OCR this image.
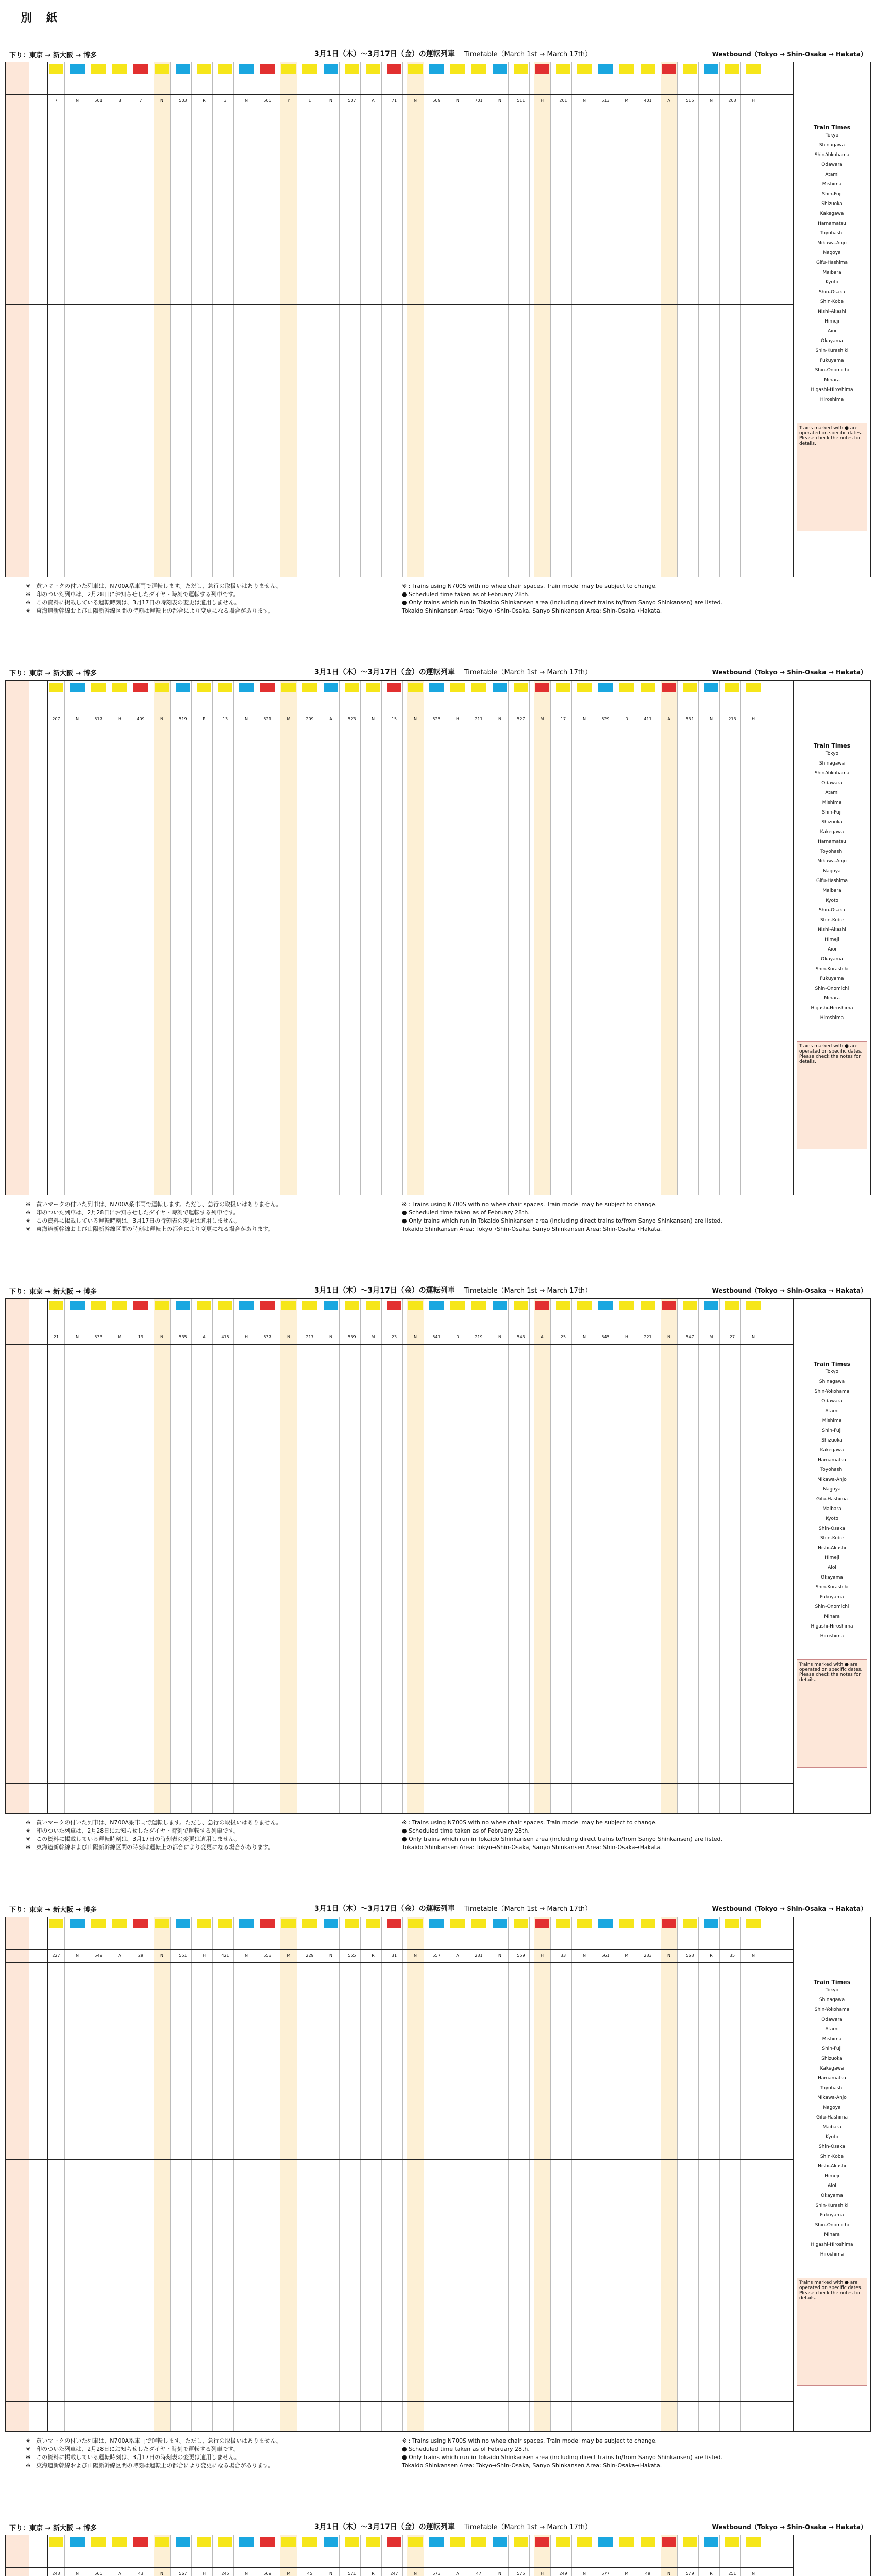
別 紙
下り：東京 → 新大阪 → 博多	3月1日（木）～3月17日（金）の運転列車 Timetable（March 1st → March 17th）	Westbound（Tokyo → Shin-Osaka → Hakata）
7	N	501	B	7	N	503	R	3	N	505	Y	1	N	507	A	71	N	509	N	701	N	511	H	201	N	513	M	401	A	515	N	203	H
Train Times
Tokyo
Shinagawa
Shin-Yokohama
Odawara
Atami
Mishima
Shin-Fuji
Shizuoka
Kakegawa
Hamamatsu
Toyohashi
Mikawa-Anjo
Nagoya
Gifu-Hashima
Maibara
Kyoto
Shin-Osaka
Shin-Kobe
Nishi-Akashi
Himeji
Aioi
Okayama
Shin-Kurashiki
Fukuyama
Shin-Onomichi
Mihara
Higashi-Hiroshima
Hiroshima
Trains marked with ● are operated on specific dates. Please check the notes for details.
※　黄いマークの付いた列車は、N700A系車両で運転します。ただし、急行の取扱いはありません。
※　印のついた列車は、2月28日にお知らせしたダイヤ・時刻で運転する列車です。
※　この資料に掲載している運転時刻は、3月17日の時刻表の変更は適用しません。
※　東海道新幹線および山陽新幹線区間の時刻は運転上の都合により変更になる場合があります。
※ : Trains using N700S with no wheelchair spaces. Train model may be subject to change.
● Scheduled time taken as of February 28th.
● Only trains which run in Tokaido Shinkansen area (including direct trains to/from Sanyo Shinkansen) are listed.
Tokaido Shinkansen Area: Tokyo→Shin-Osaka, Sanyo Shinkansen Area: Shin-Osaka→Hakata.
下り：東京 → 新大阪 → 博多	3月1日（木）～3月17日（金）の運転列車 Timetable（March 1st → March 17th）	Westbound（Tokyo → Shin-Osaka → Hakata）
207	N	517	H	409	N	519	R	13	N	521	M	209	A	523	N	15	N	525	H	211	N	527	M	17	N	529	R	411	A	531	N	213	H
Train Times
Tokyo
Shinagawa
Shin-Yokohama
Odawara
Atami
Mishima
Shin-Fuji
Shizuoka
Kakegawa
Hamamatsu
Toyohashi
Mikawa-Anjo
Nagoya
Gifu-Hashima
Maibara
Kyoto
Shin-Osaka
Shin-Kobe
Nishi-Akashi
Himeji
Aioi
Okayama
Shin-Kurashiki
Fukuyama
Shin-Onomichi
Mihara
Higashi-Hiroshima
Hiroshima
Trains marked with ● are operated on specific dates. Please check the notes for details.
※　黄いマークの付いた列車は、N700A系車両で運転します。ただし、急行の取扱いはありません。
※　印のついた列車は、2月28日にお知らせしたダイヤ・時刻で運転する列車です。
※　この資料に掲載している運転時刻は、3月17日の時刻表の変更は適用しません。
※　東海道新幹線および山陽新幹線区間の時刻は運転上の都合により変更になる場合があります。
※ : Trains using N700S with no wheelchair spaces. Train model may be subject to change.
● Scheduled time taken as of February 28th.
● Only trains which run in Tokaido Shinkansen area (including direct trains to/from Sanyo Shinkansen) are listed.
Tokaido Shinkansen Area: Tokyo→Shin-Osaka, Sanyo Shinkansen Area: Shin-Osaka→Hakata.
下り：東京 → 新大阪 → 博多	3月1日（木）～3月17日（金）の運転列車 Timetable（March 1st → March 17th）	Westbound（Tokyo → Shin-Osaka → Hakata）
21	N	533	M	19	N	535	A	415	H	537	N	217	N	539	M	23	N	541	R	219	N	543	A	25	N	545	H	221	N	547	M	27	N
Train Times
Tokyo
Shinagawa
Shin-Yokohama
Odawara
Atami
Mishima
Shin-Fuji
Shizuoka
Kakegawa
Hamamatsu
Toyohashi
Mikawa-Anjo
Nagoya
Gifu-Hashima
Maibara
Kyoto
Shin-Osaka
Shin-Kobe
Nishi-Akashi
Himeji
Aioi
Okayama
Shin-Kurashiki
Fukuyama
Shin-Onomichi
Mihara
Higashi-Hiroshima
Hiroshima
Trains marked with ● are operated on specific dates. Please check the notes for details.
※　黄いマークの付いた列車は、N700A系車両で運転します。ただし、急行の取扱いはありません。
※　印のついた列車は、2月28日にお知らせしたダイヤ・時刻で運転する列車です。
※　この資料に掲載している運転時刻は、3月17日の時刻表の変更は適用しません。
※　東海道新幹線および山陽新幹線区間の時刻は運転上の都合により変更になる場合があります。
※ : Trains using N700S with no wheelchair spaces. Train model may be subject to change.
● Scheduled time taken as of February 28th.
● Only trains which run in Tokaido Shinkansen area (including direct trains to/from Sanyo Shinkansen) are listed.
Tokaido Shinkansen Area: Tokyo→Shin-Osaka, Sanyo Shinkansen Area: Shin-Osaka→Hakata.
下り：東京 → 新大阪 → 博多	3月1日（木）～3月17日（金）の運転列車 Timetable（March 1st → March 17th）	Westbound（Tokyo → Shin-Osaka → Hakata）
227	N	549	A	29	N	551	H	421	N	553	M	229	N	555	R	31	N	557	A	231	N	559	H	33	N	561	M	233	N	563	R	35	N
Train Times
Tokyo
Shinagawa
Shin-Yokohama
Odawara
Atami
Mishima
Shin-Fuji
Shizuoka
Kakegawa
Hamamatsu
Toyohashi
Mikawa-Anjo
Nagoya
Gifu-Hashima
Maibara
Kyoto
Shin-Osaka
Shin-Kobe
Nishi-Akashi
Himeji
Aioi
Okayama
Shin-Kurashiki
Fukuyama
Shin-Onomichi
Mihara
Higashi-Hiroshima
Hiroshima
Trains marked with ● are operated on specific dates. Please check the notes for details.
※　黄いマークの付いた列車は、N700A系車両で運転します。ただし、急行の取扱いはありません。
※　印のついた列車は、2月28日にお知らせしたダイヤ・時刻で運転する列車です。
※　この資料に掲載している運転時刻は、3月17日の時刻表の変更は適用しません。
※　東海道新幹線および山陽新幹線区間の時刻は運転上の都合により変更になる場合があります。
※ : Trains using N700S with no wheelchair spaces. Train model may be subject to change.
● Scheduled time taken as of February 28th.
● Only trains which run in Tokaido Shinkansen area (including direct trains to/from Sanyo Shinkansen) are listed.
Tokaido Shinkansen Area: Tokyo→Shin-Osaka, Sanyo Shinkansen Area: Shin-Osaka→Hakata.
下り：東京 → 新大阪 → 博多	3月1日（木）～3月17日（金）の運転列車 Timetable（March 1st → March 17th）	Westbound（Tokyo → Shin-Osaka → Hakata）
243	N	565	A	43	N	567	H	245	N	569	M	45	N	571	R	247	N	573	A	47	N	575	H	249	N	577	M	49	N	579	R	251	N
